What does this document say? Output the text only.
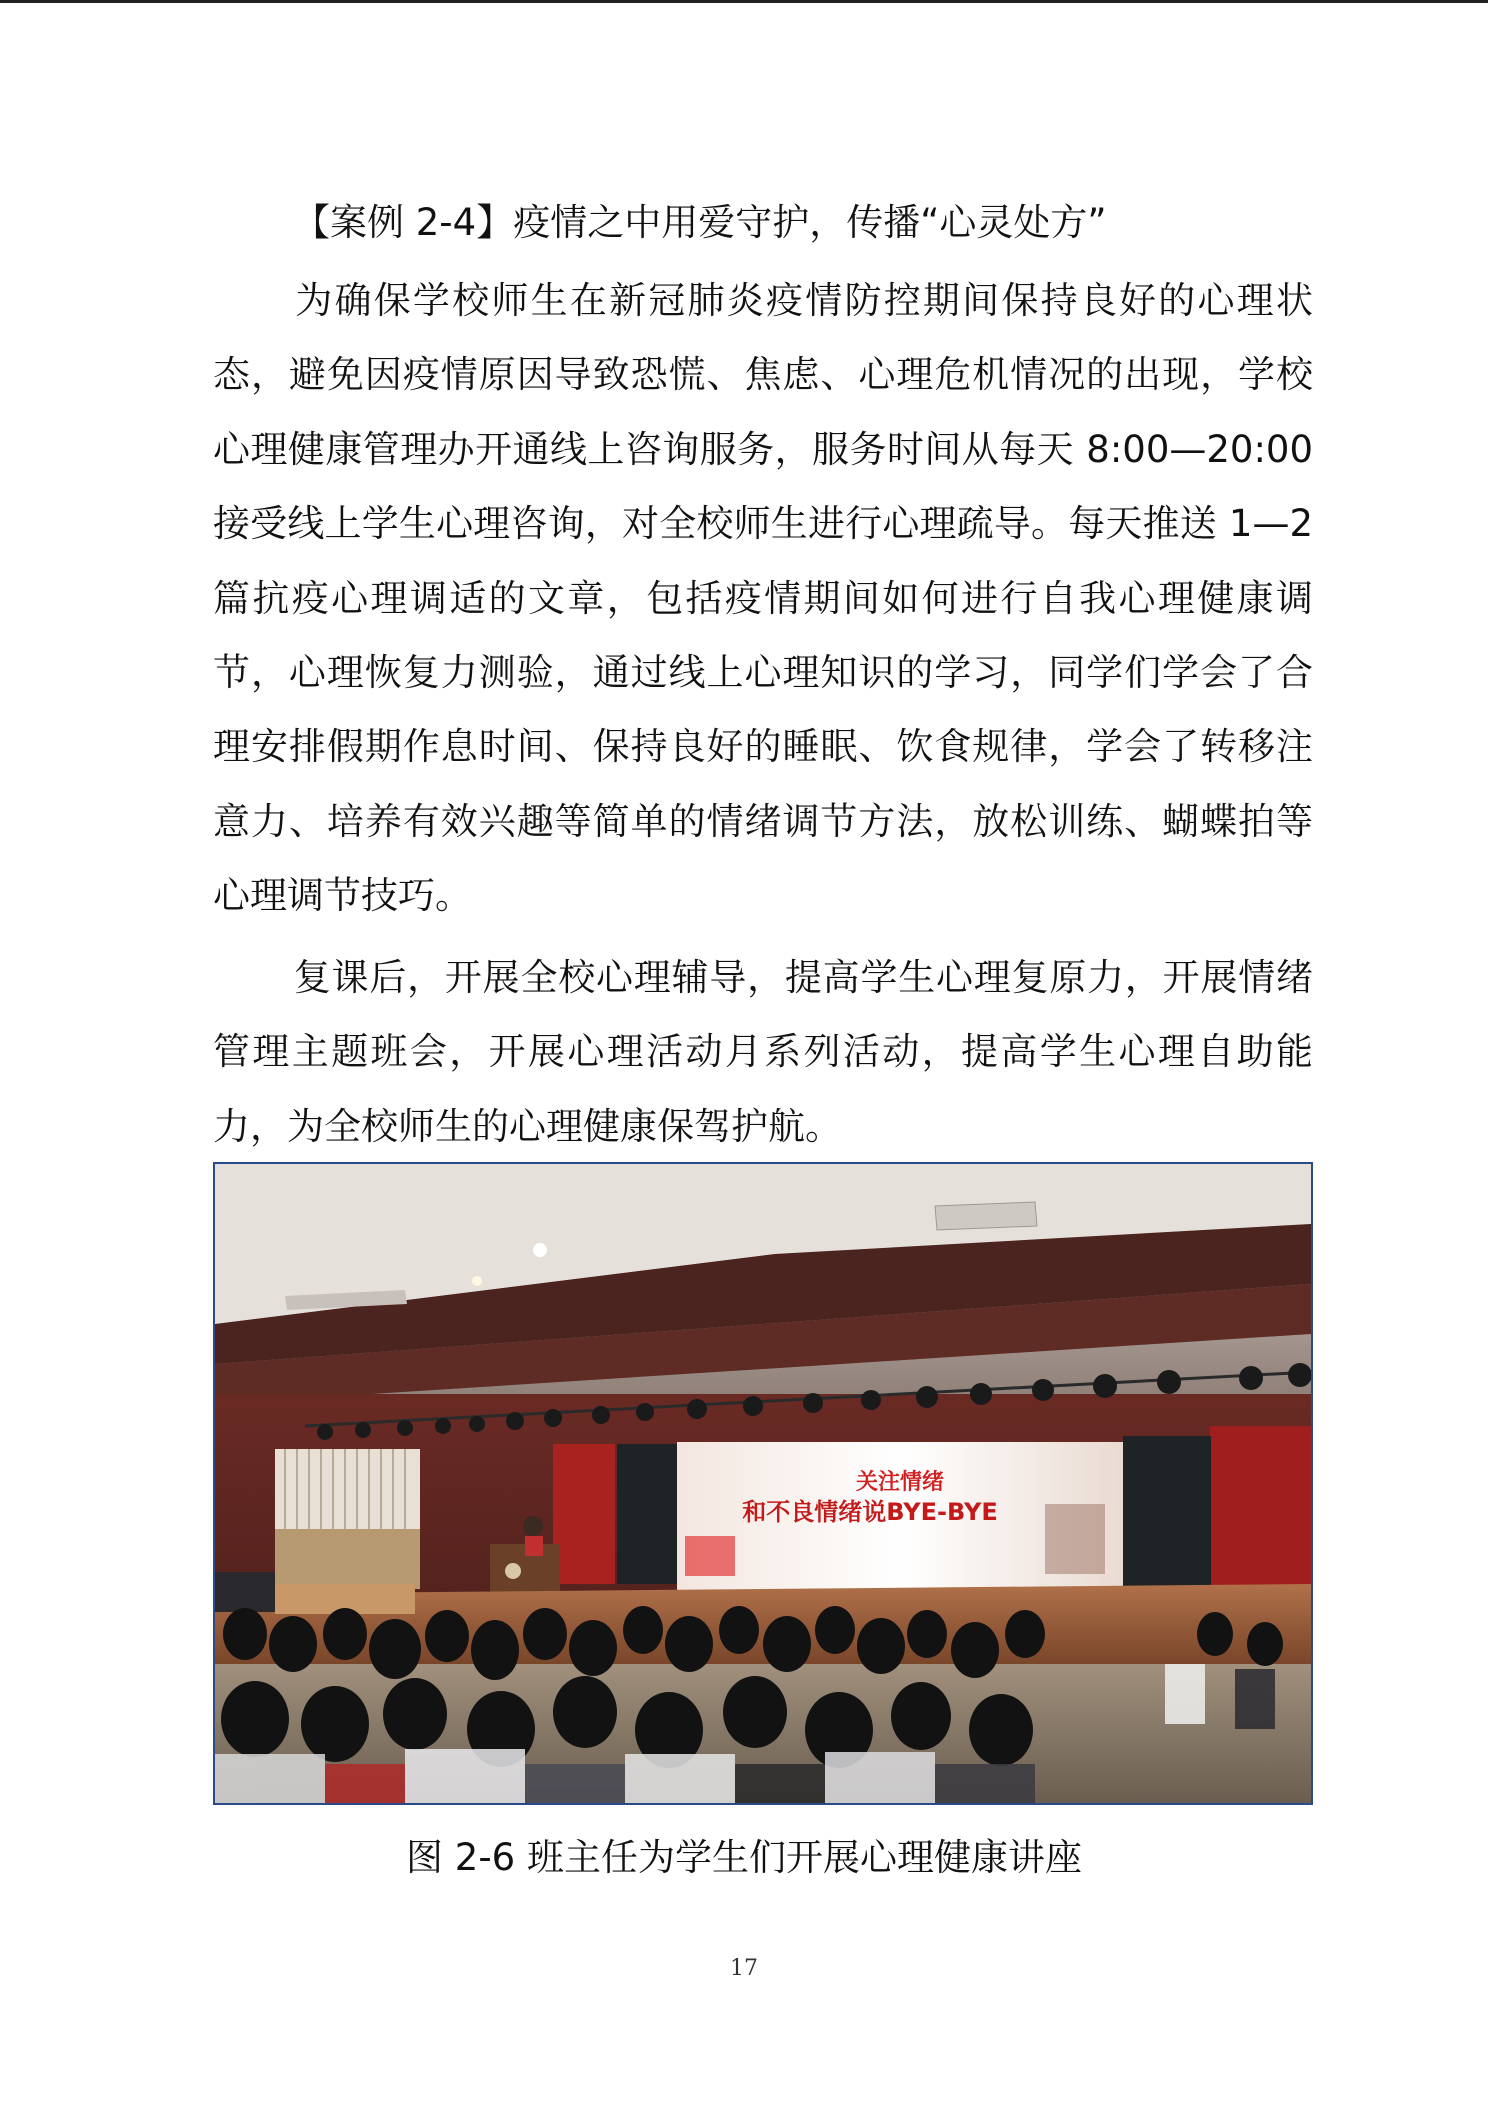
【案例 2-4】疫情之中用爱守护，传播“心灵处方”

为确保学校师生在新冠肺炎疫情防控期间保持良好的心理状态，避免因疫情原因导致恐慌、焦虑、心理危机情况的出现，学校心理健康管理办开通线上咨询服务，服务时间从每天 8:00—20:00 接受线上学生心理咨询，对全校师生进行心理疏导。每天推送 1—2 篇抗疫心理调适的文章，包括疫情期间如何进行自我心理健康调节，心理恢复力测验，通过线上心理知识的学习，同学们学会了合理安排假期作息时间、保持良好的睡眠、饮食规律，学会了转移注意力、培养有效兴趣等简单的情绪调节方法，放松训练、蝴蝶拍等心理调节技巧。

复课后，开展全校心理辅导，提高学生心理复原力，开展情绪管理主题班会，开展心理活动月系列活动，提高学生心理自助能力，为全校师生的心理健康保驾护航。

关注情绪
和不良情绪说BYE-BYE
图 2-6 班主任为学生们开展心理健康讲座
17
